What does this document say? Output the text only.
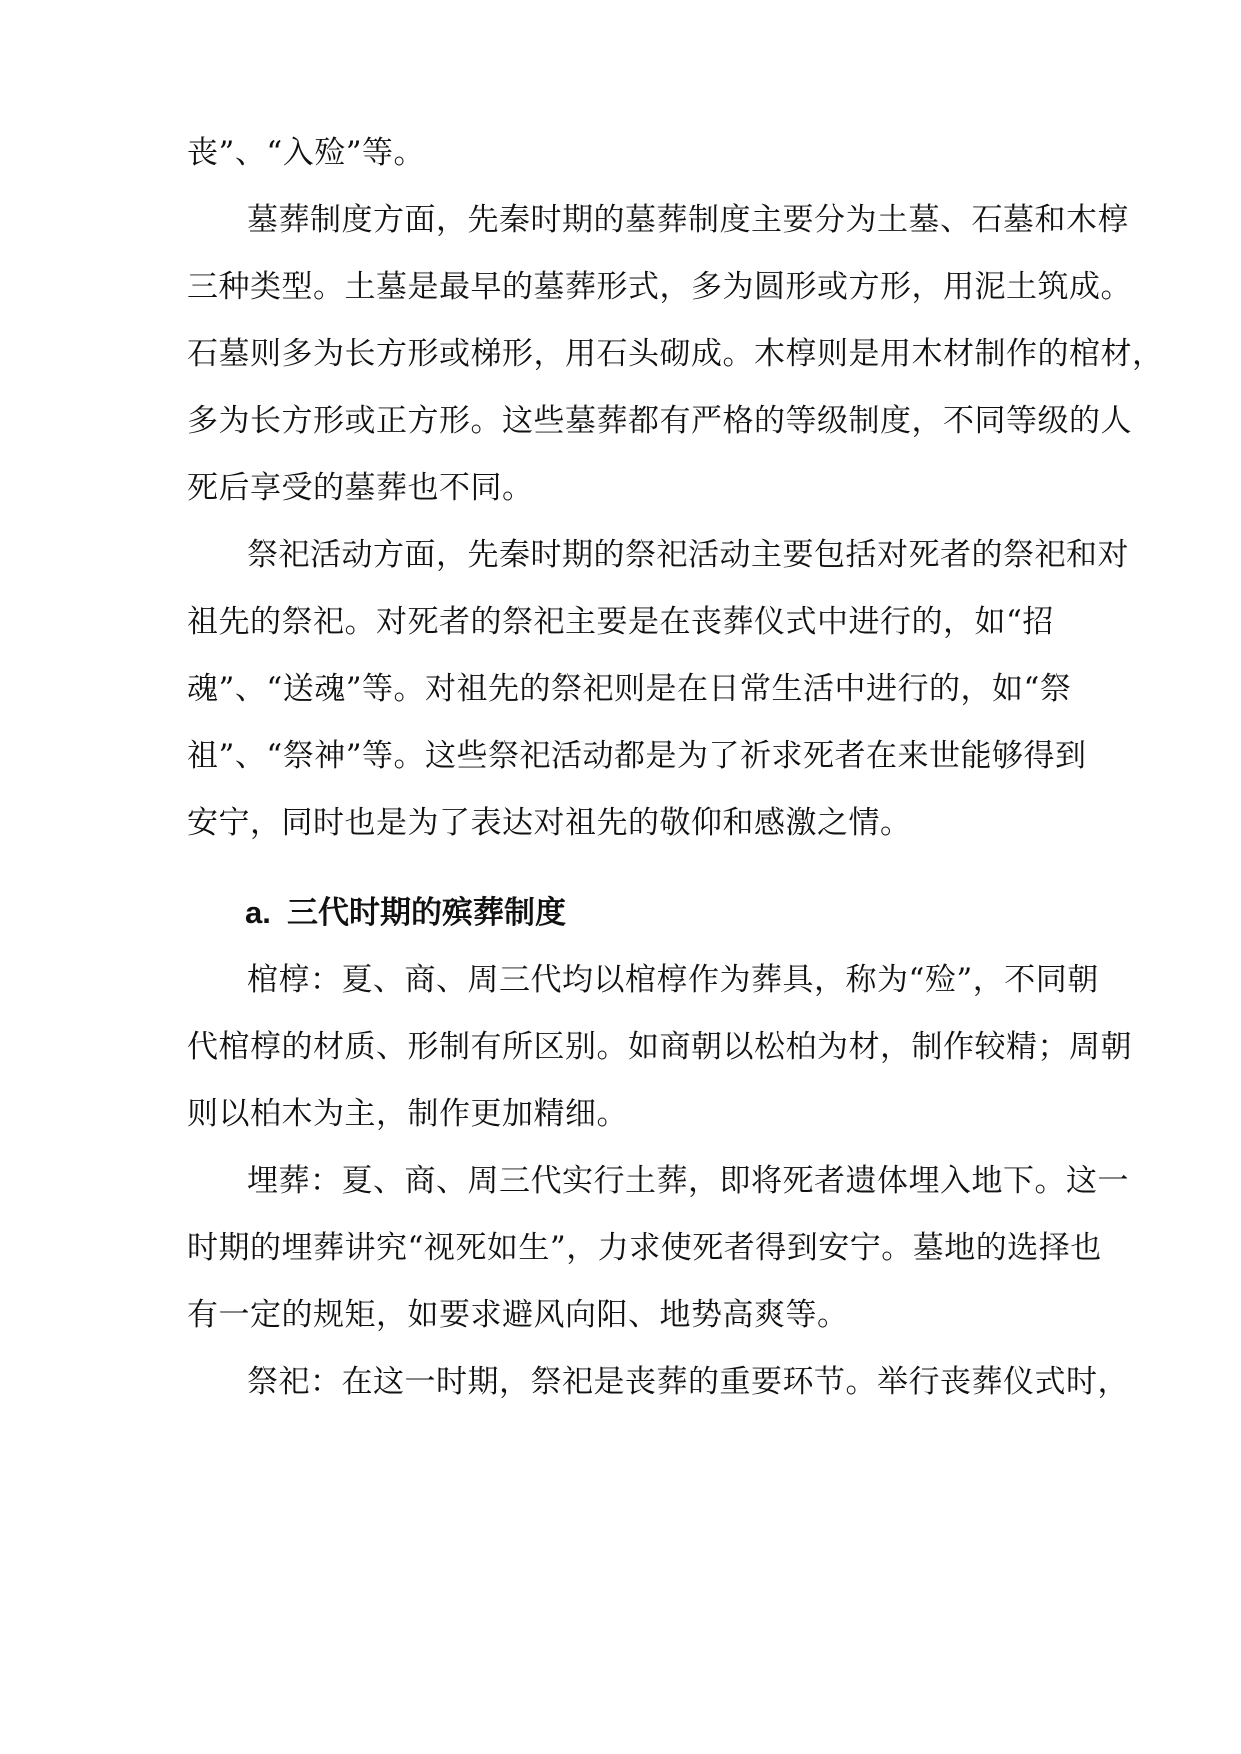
丧”、“入殓”等。
墓葬制度方面，先秦时期的墓葬制度主要分为土墓、石墓和木椁
三种类型。土墓是最早的墓葬形式，多为圆形或方形，用泥土筑成。
石墓则多为长方形或梯形，用石头砌成。木椁则是用木材制作的棺材，
多为长方形或正方形。这些墓葬都有严格的等级制度，不同等级的人
死后享受的墓葬也不同。
祭祀活动方面，先秦时期的祭祀活动主要包括对死者的祭祀和对
祖先的祭祀。对死者的祭祀主要是在丧葬仪式中进行的，如“招
魂”、“送魂”等。对祖先的祭祀则是在日常生活中进行的，如“祭
祖”、“祭神”等。这些祭祀活动都是为了祈求死者在来世能够得到
安宁，同时也是为了表达对祖先的敬仰和感激之情。
a. 三代时期的殡葬制度
棺椁：夏、商、周三代均以棺椁作为葬具，称为“殓”，不同朝
代棺椁的材质、形制有所区别。如商朝以松柏为材，制作较精；周朝
则以柏木为主，制作更加精细。
埋葬：夏、商、周三代实行土葬，即将死者遗体埋入地下。这一
时期的埋葬讲究“视死如生”，力求使死者得到安宁。墓地的选择也
有一定的规矩，如要求避风向阳、地势高爽等。
祭祀：在这一时期，祭祀是丧葬的重要环节。举行丧葬仪式时，
